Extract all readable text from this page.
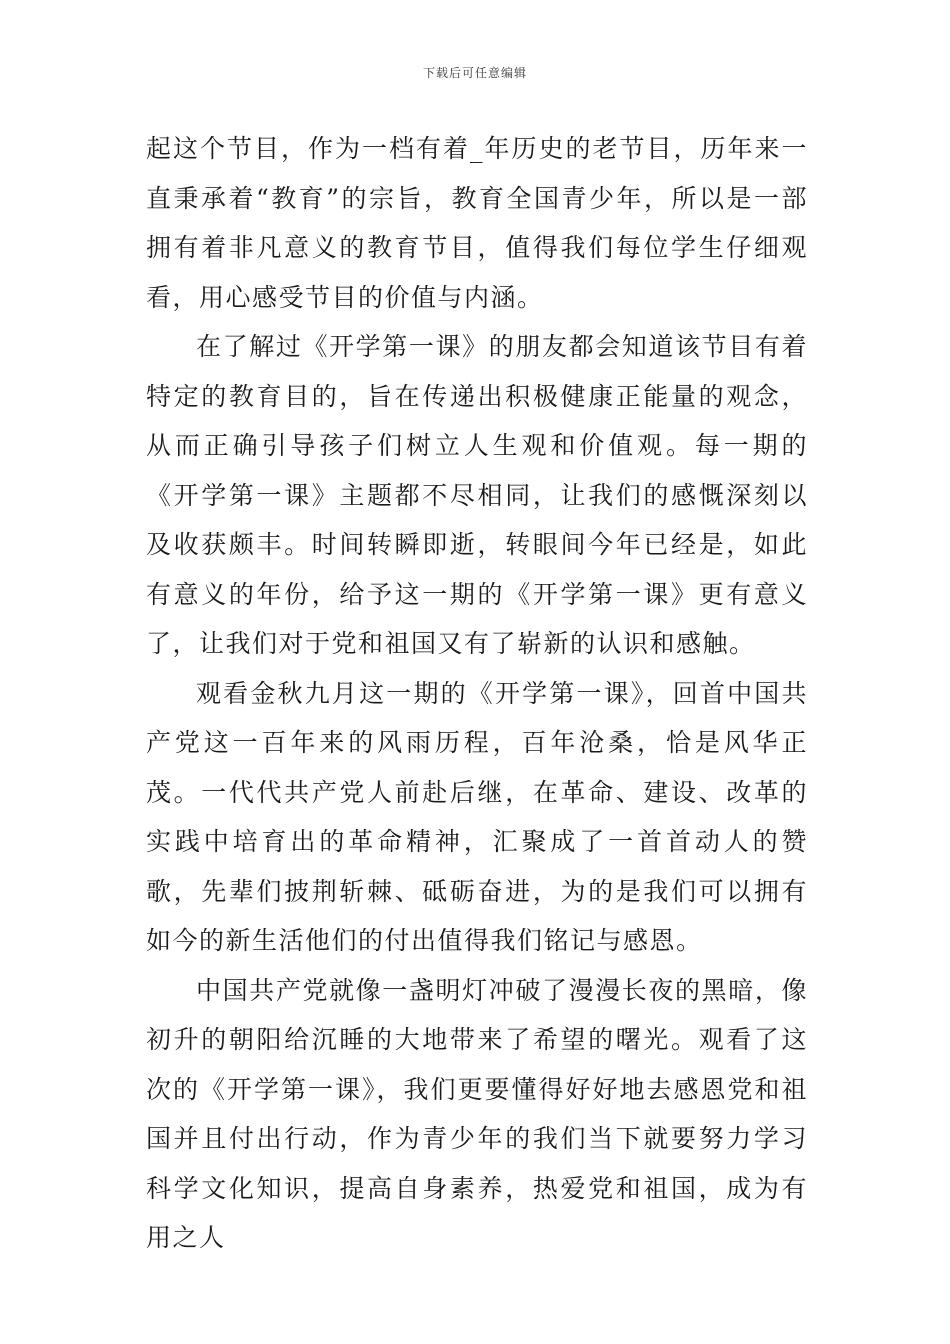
下载后可任意编辑

起这个节目，作为一档有着_年历史的老节目，历年来一直秉承着“教育”的宗旨，教育全国青少年，所以是一部拥有着非凡意义的教育节目，值得我们每位学生仔细观看，用心感受节目的价值与内涵。

在了解过《开学第一课》的朋友都会知道该节目有着特定的教育目的，旨在传递出积极健康正能量的观念，从而正确引导孩子们树立人生观和价值观。每一期的《开学第一课》主题都不尽相同，让我们的感慨深刻以及收获颇丰。时间转瞬即逝，转眼间今年已经是，如此有意义的年份，给予这一期的《开学第一课》更有意义了，让我们对于党和祖国又有了崭新的认识和感触。

观看金秋九月这一期的《开学第一课》，回首中国共产党这一百年来的风雨历程，百年沧桑，恰是风华正茂。一代代共产党人前赴后继，在革命、建设、改革的实践中培育出的革命精神，汇聚成了一首首动人的赞歌，先辈们披荆斩棘、砥砺奋进，为的是我们可以拥有如今的新生活他们的付出值得我们铭记与感恩。

中国共产党就像一盏明灯冲破了漫漫长夜的黑暗，像初升的朝阳给沉睡的大地带来了希望的曙光。观看了这次的《开学第一课》，我们更要懂得好好地去感恩党和祖国并且付出行动，作为青少年的我们当下就要努力学习科学文化知识，提高自身素养，热爱党和祖国，成为有用之人
